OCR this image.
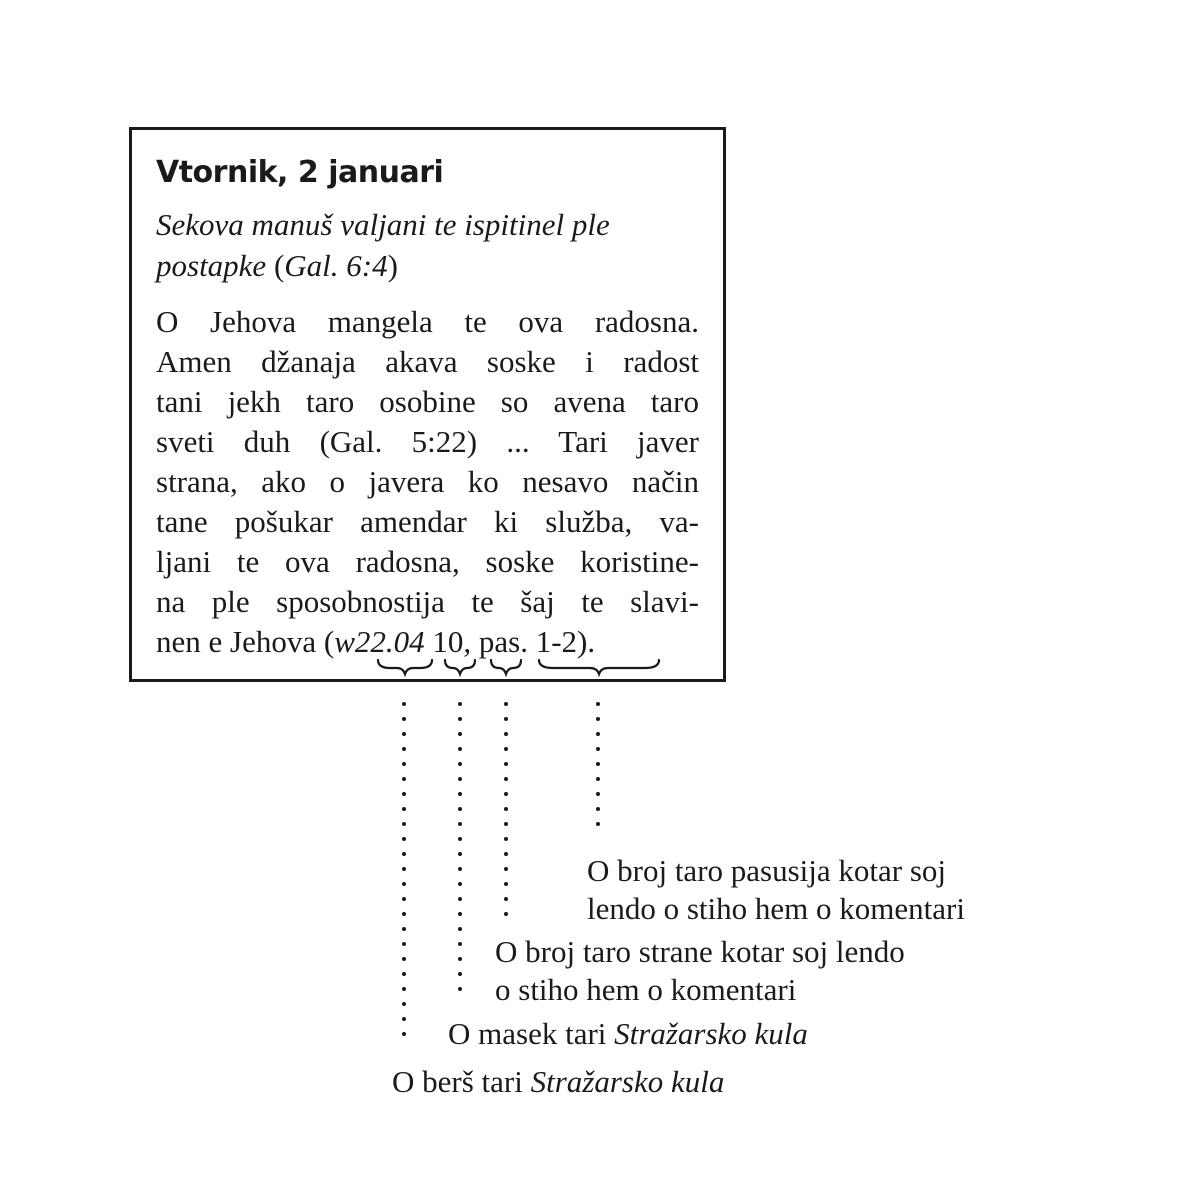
Vtornik, 2 januari
Sekova manuš valjani te ispitinel ple postapke (Gal. 6:4)
O Jehova mangela te ova radosna.
Amen džanaja akava soske i radost
tani jekh taro osobine so avena taro
sveti duh (Gal. 5:22) ... Tari javer
strana, ako o javera ko nesavo način
tane pošukar amendar ki služba, va-
ljani te ova radosna, soske koristine-
na ple sposobnostija te šaj te slavi-
nen e Jehova (w22.04 10, pas. 1-2).
O broj taro pasusija kotar soj
lendo o stiho hem o komentari
O broj taro strane kotar soj lendo
o stiho hem o komentari
O masek tari Stražarsko kula
O berš tari Stražarsko kula
